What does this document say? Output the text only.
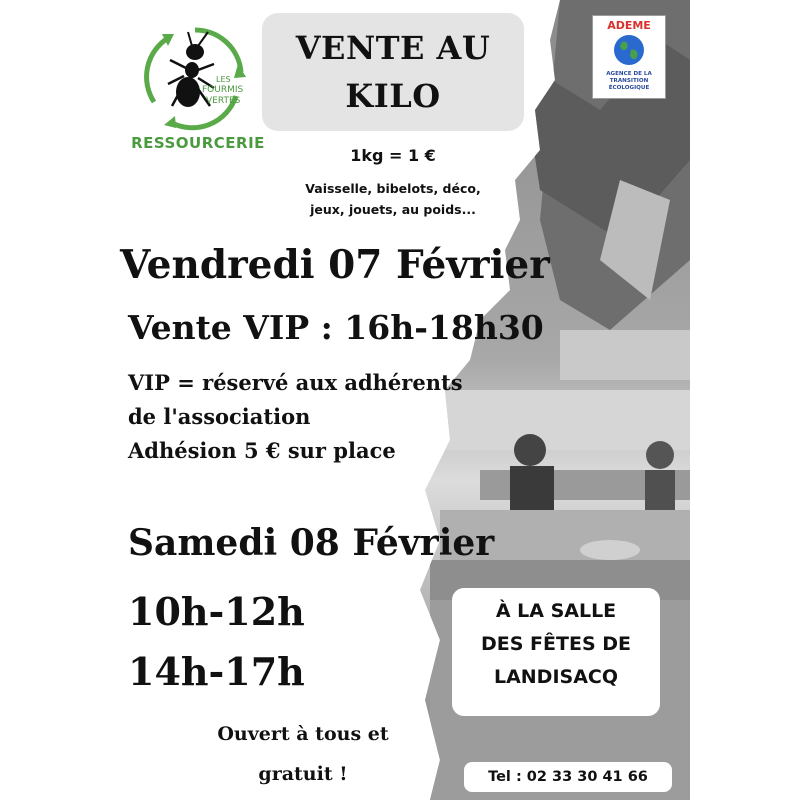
LES
FOURMIS
VERTES
RESSOURCERIE
VENTE AU
KILO
1kg = 1 €
Vaisselle, bibelots, déco,
jeux, jouets, au poids...
ADEME
AGENCE DE LA
TRANSITION
ÉCOLOGIQUE
Vendredi 07 Février
Vente VIP : 16h-18h30
VIP = réservé aux adhérents
de l'association
Adhésion 5 € sur place
Samedi 08 Février
10h-12h
14h-17h
À LA SALLE
DES FÊTES DE
LANDISACQ
Ouvert à tous et
gratuit !	Tel : 02 33 30 41 66
